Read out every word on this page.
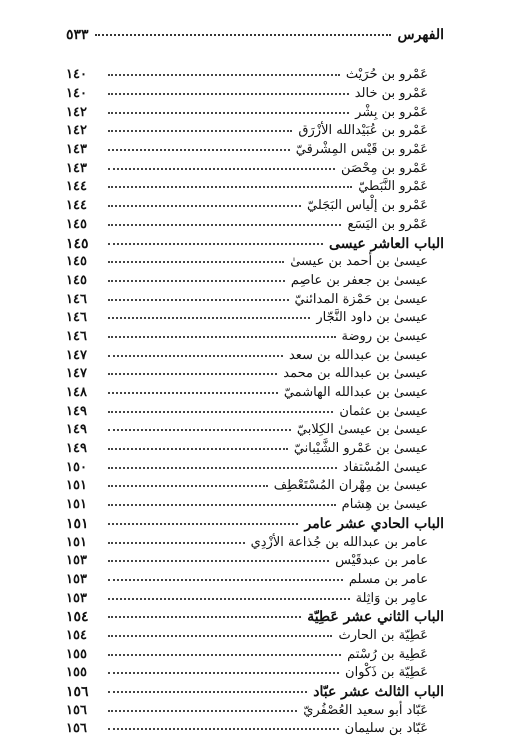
٥٣٣	الفهرس
١٤٠	عَمْرو بن حُرَيْث
١٤٠	عَمْرو بن خالد
١٤٢	عَمْرو بن بِشْر
١٤٢	عَمْرو بن عُبَيْدالله الأزْرَق
١٤٣	عَمْرو بن قَيْس المِشْرقيّ
١٤٣	عَمْرو بن مِحْصَن
١٤٤	عَمْرو النَّبَطيّ
١٤٤	عَمْرو بن إلْياس البَجَليّ
١٤٥	عَمْرو بن اليَسَع
١٤٥	الباب العاشر عيسى
١٤٥	عيسىٰ بن أحمد بن عيسىٰ
١٤٥	عيسىٰ بن جعفر بن عاصِم
١٤٦	عيسىٰ بن حَمْزة المدائنيّ
١٤٦	عيسىٰ بن داود النَّجّار
١٤٦	عيسىٰ بن روضة
١٤٧	عيسىٰ بن عبدالله بن سعد
١٤٧	عيسىٰ بن عبدالله بن محمد
١٤٨	عيسىٰ بن عبدالله الهاشميّ
١٤٩	عيسىٰ بن عثمان
١٤٩	عيسىٰ بن عيسىٰ الكِلابيّ
١٤٩	عيسىٰ بن عَمْرو الشَّيْبانيّ
١٥٠	عيسىٰ المُسْتفاد
١٥١	عيسىٰ بن مِهْران المُسْتَعْطِف
١٥١	عيسىٰ بن هِشام
١٥١	الباب الحادي عشر عامر
١٥١	عامر بن عبدالله بن جُذاعة الأزْدِي
١٥٣	عامر بن عبدقَيْس
١٥٣	عامر بن مسلم
١٥٣	عامِر بن وَاثِلة
١٥٤	الباب الثاني عشر عَطِيّة
١٥٤	عَطِيّة بن الحارث
١٥٥	عَطِية بن رُسْتم
١٥٥	عَطِيّة بن ذَكْوان
١٥٦	الباب الثالث عشر عبّاد
١٥٦	عَبّاد أبو سعيد العُصْفُريّ
١٥٦	عَبّاد بن سليمان
